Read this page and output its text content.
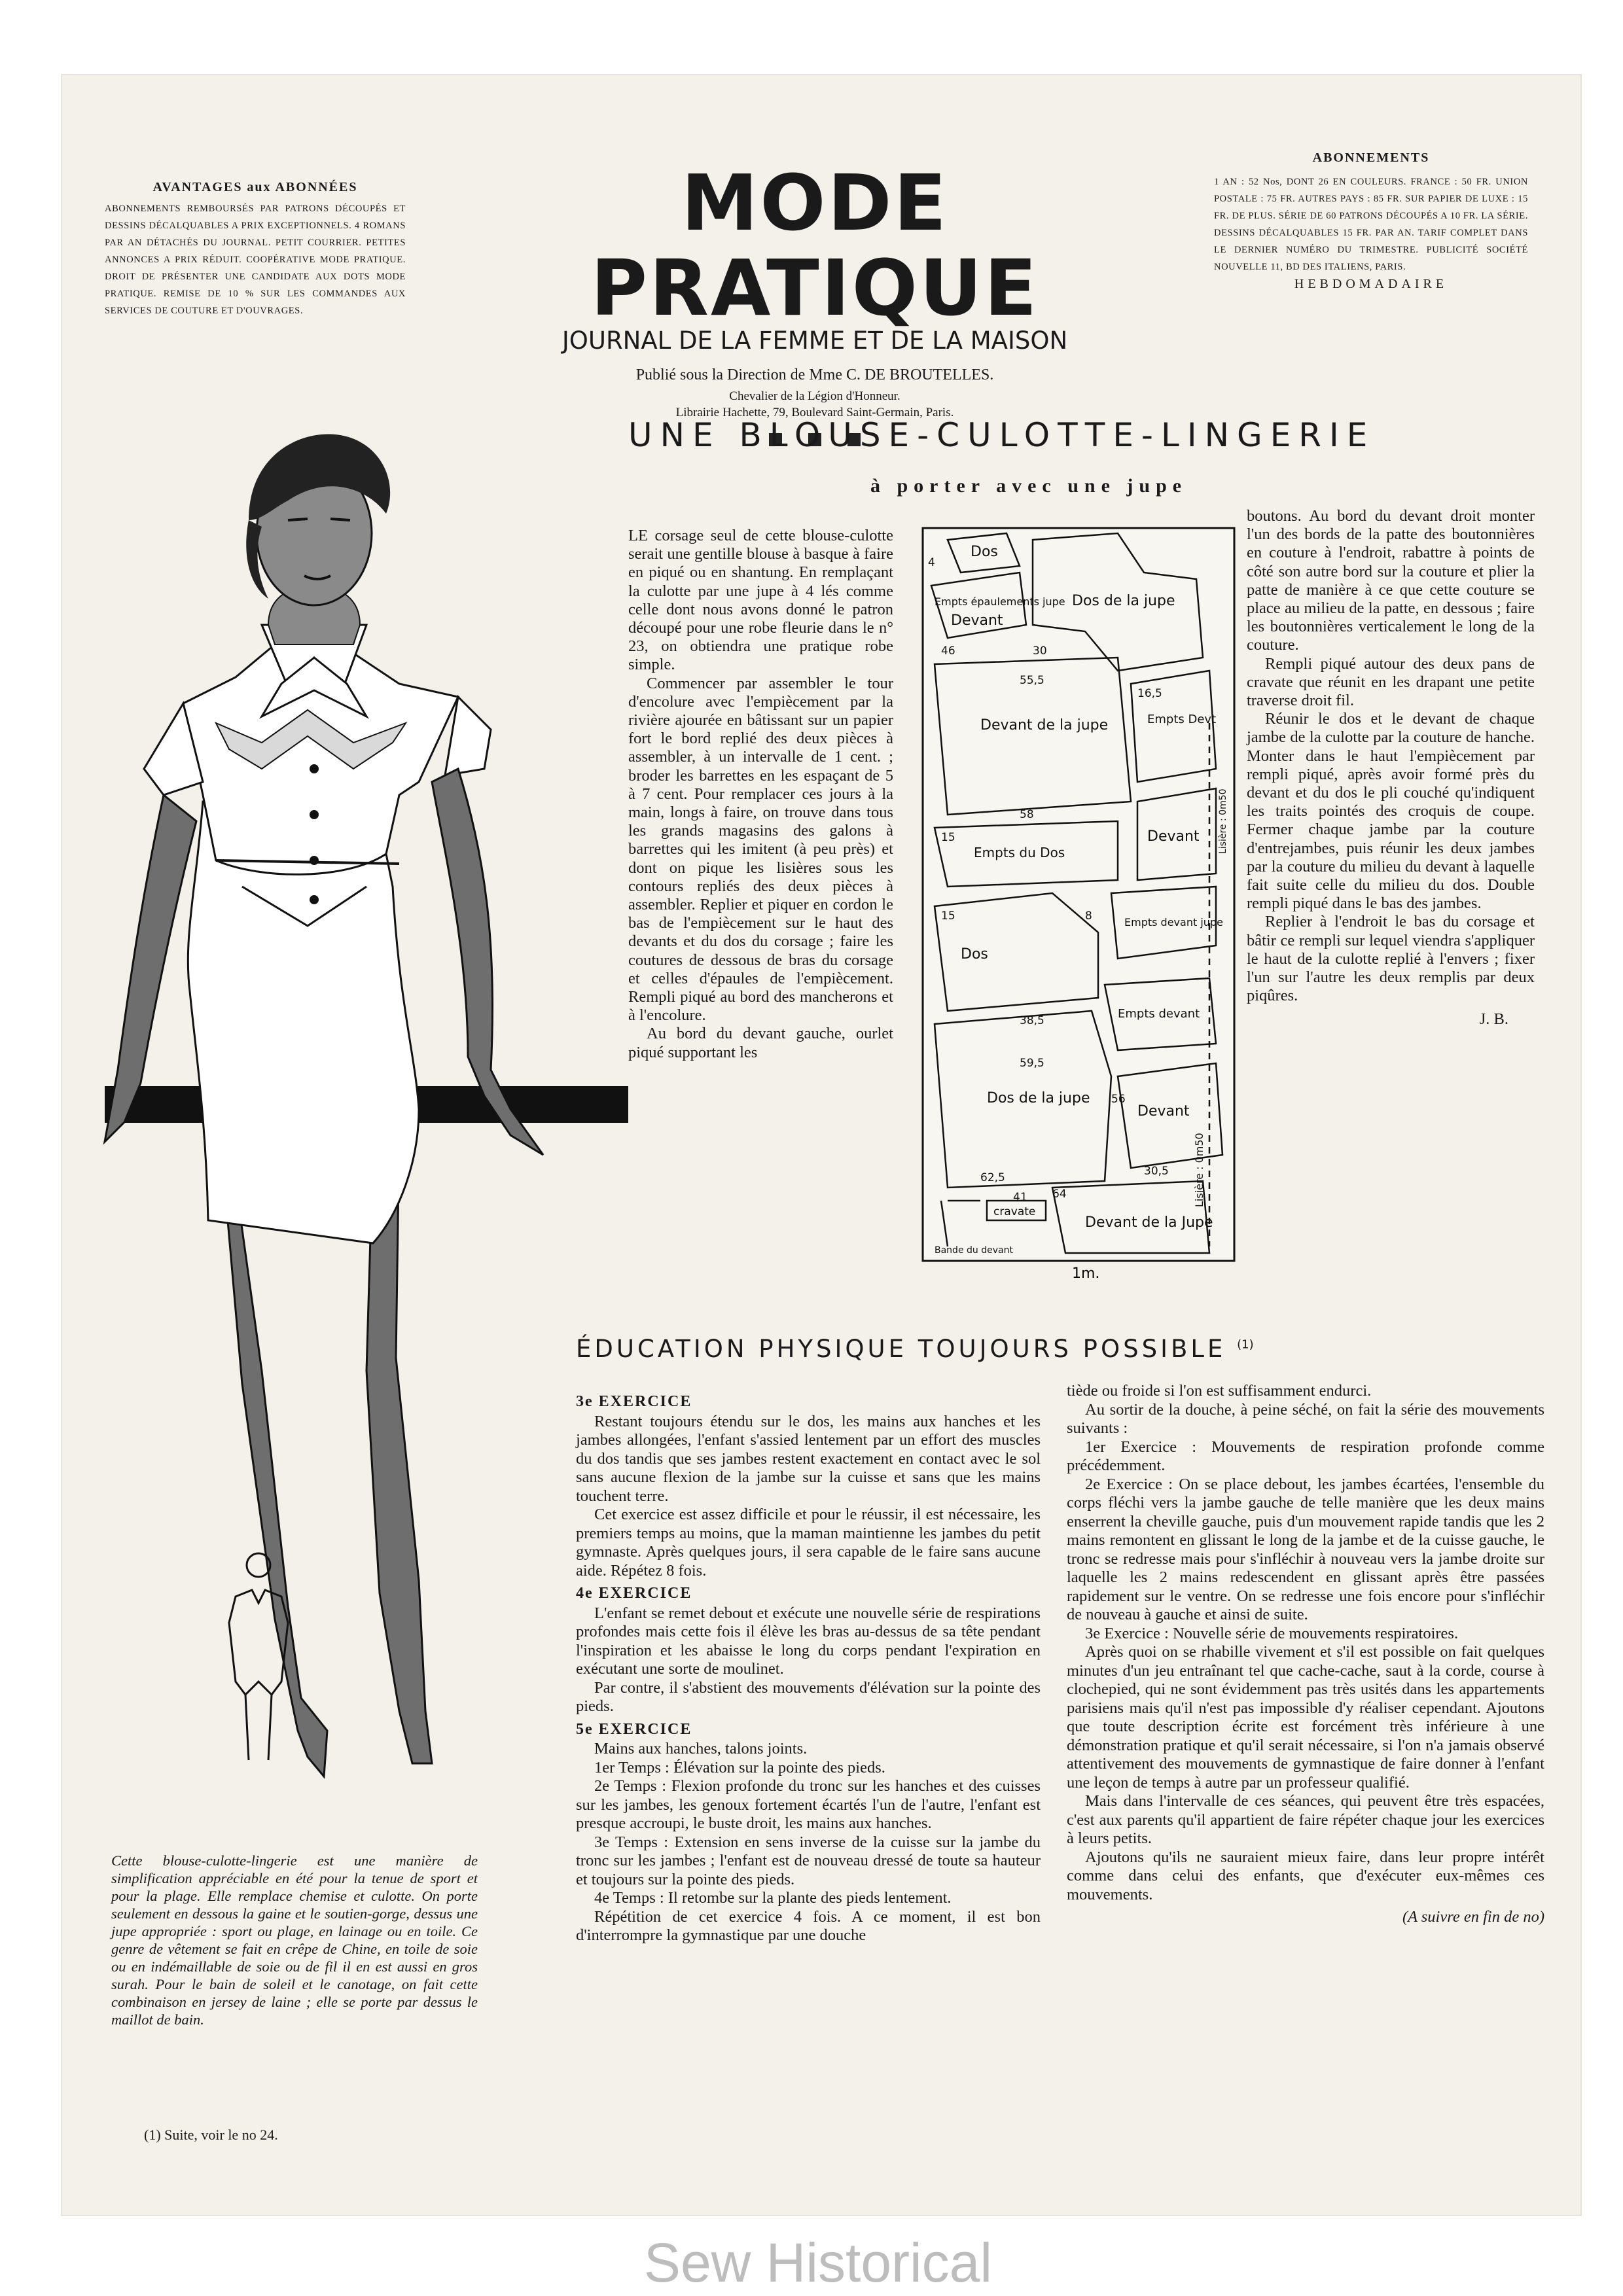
AVANTAGES aux ABONNÉES
ABONNEMENTS REMBOURSÉS PAR PATRONS DÉCOUPÉS ET DESSINS DÉCALQUABLES A PRIX EXCEPTIONNELS. 4 ROMANS PAR AN DÉTACHÉS DU JOURNAL. PETIT COURRIER. PETITES ANNONCES A PRIX RÉDUIT. COOPÉRATIVE MODE PRATIQUE. DROIT DE PRÉSENTER UNE CANDIDATE AUX DOTS MODE PRATIQUE. REMISE DE 10 % SUR LES COMMANDES AUX SERVICES DE COUTURE ET D'OUVRAGES.
MODE PRATIQUE
JOURNAL DE LA FEMME ET DE LA MAISON
Publié sous la Direction de Mme C. DE BROUTELLES.
Chevalier de la Légion d'Honneur.
Librairie Hachette, 79, Boulevard Saint-Germain, Paris.
ABONNEMENTS
1 AN : 52 Nos, DONT 26 EN COULEURS. FRANCE : 50 FR. UNION POSTALE : 75 FR. AUTRES PAYS : 85 FR. SUR PAPIER DE LUXE : 15 FR. DE PLUS. SÉRIE DE 60 PATRONS DÉCOUPÉS A 10 FR. LA SÉRIE. DESSINS DÉCALQUABLES 15 FR. PAR AN. TARIF COMPLET DANS LE DERNIER NUMÉRO DU TRIMESTRE. PUBLICITÉ SOCIÉTÉ NOUVELLE 11, BD DES ITALIENS, PARIS.
HEBDOMADAIRE
UNE BLOUSE-CULOTTE-LINGERIE
à porter avec une jupe

LE corsage seul de cette blouse-culotte serait une gentille blouse à basque à faire en piqué ou en shantung. En remplaçant la culotte par une jupe à 4 lés comme celle dont nous avons donné le patron découpé pour une robe fleurie dans le n° 23, on obtiendra une pratique robe simple.

Commencer par assembler le tour d'encolure avec l'empiècement par la rivière ajourée en bâtissant sur un papier fort le bord replié des deux pièces à assembler, à un intervalle de 1 cent. ; broder les barrettes en les espaçant de 5 à 7 cent. Pour remplacer ces jours à la main, longs à faire, on trouve dans tous les grands magasins des galons à barrettes qui les imitent (à peu près) et dont on pique les lisières sous les contours repliés des deux pièces à assembler. Replier et piquer en cordon le bas de l'empiècement sur le haut des devants et du dos du corsage ; faire les coutures de dessous de bras du corsage et celles d'épaules de l'empiècement. Rempli piqué au bord des mancherons et à l'encolure.

Au bord du devant gauche, ourlet piqué supportant les

Dos
Empts épaulements jupe
Devant
Dos de la jupe
Devant de la jupe	Empts Devt
Empts du Dos
Devant
Dos
Empts devant jupe
Empts devant
Dos de la jupe
Devant
Devant de la Jupe
cravate
Bande du devant
Lisière : 0m50
Lisière : 0m50
30
46
4
55,5
58
15
16,5
15	8
38,5
59,5
62,5	30,5
64
56
41
1m.

boutons. Au bord du devant droit monter l'un des bords de la patte des boutonnières en couture à l'endroit, rabattre à points de côté son autre bord sur la couture et plier la patte de manière à ce que cette couture se place au milieu de la patte, en dessous ; faire les boutonnières verticalement le long de la couture.

Rempli piqué autour des deux pans de cravate que réunit en les drapant une petite traverse droit fil.

Réunir le dos et le devant de chaque jambe de la culotte par la couture de hanche. Monter dans le haut l'empiècement par rempli piqué, après avoir formé près du devant et du dos le pli couché qu'indiquent les traits pointés des croquis de coupe. Fermer chaque jambe par la couture d'entrejambes, puis réunir les deux jambes par la couture du milieu du devant à laquelle fait suite celle du milieu du dos. Double rempli piqué dans le bas des jambes.

Replier à l'endroit le bas du corsage et bâtir ce rempli sur lequel viendra s'appliquer le haut de la culotte replié à l'envers ; fixer l'un sur l'autre les deux remplis par deux piqûres.

J. B.
ÉDUCATION PHYSIQUE TOUJOURS POSSIBLE $^{(1)}$
3e EXERCICE

Restant toujours étendu sur le dos, les mains aux hanches et les jambes allongées, l'enfant s'assied lentement par un effort des muscles du dos tandis que ses jambes restent exactement en contact avec le sol sans aucune flexion de la jambe sur la cuisse et sans que les mains touchent terre.

Cet exercice est assez difficile et pour le réussir, il est nécessaire, les premiers temps au moins, que la maman maintienne les jambes du petit gymnaste. Après quelques jours, il sera capable de le faire sans aucune aide. Répétez 8 fois.

4e EXERCICE

L'enfant se remet debout et exécute une nouvelle série de respirations profondes mais cette fois il élève les bras au-dessus de sa tête pendant l'inspiration et les abaisse le long du corps pendant l'expiration en exécutant une sorte de moulinet.

Par contre, il s'abstient des mouvements d'élévation sur la pointe des pieds.

5e EXERCICE

Mains aux hanches, talons joints.

1er Temps : Élévation sur la pointe des pieds.

2e Temps : Flexion profonde du tronc sur les hanches et des cuisses sur les jambes, les genoux fortement écartés l'un de l'autre, l'enfant est presque accroupi, le buste droit, les mains aux hanches.

3e Temps : Extension en sens inverse de la cuisse sur la jambe du tronc sur les jambes ; l'enfant est de nouveau dressé de toute sa hauteur et toujours sur la pointe des pieds.

4e Temps : Il retombe sur la plante des pieds lentement.

Répétition de cet exercice 4 fois. A ce moment, il est bon d'interrompre la gymnastique par une douche

tiède ou froide si l'on est suffisamment endurci.

Au sortir de la douche, à peine séché, on fait la série des mouvements suivants :

1er Exercice : Mouvements de respiration profonde comme précédemment.

2e Exercice : On se place debout, les jambes écartées, l'ensemble du corps fléchi vers la jambe gauche de telle manière que les deux mains enserrent la cheville gauche, puis d'un mouvement rapide tandis que les 2 mains remontent en glissant le long de la jambe et de la cuisse gauche, le tronc se redresse mais pour s'infléchir à nouveau vers la jambe droite sur laquelle les 2 mains redescendent en glissant après être passées rapidement sur le ventre. On se redresse une fois encore pour s'infléchir de nouveau à gauche et ainsi de suite.

3e Exercice : Nouvelle série de mouvements respiratoires.

Après quoi on se rhabille vivement et s'il est possible on fait quelques minutes d'un jeu entraînant tel que cache-cache, saut à la corde, course à clochepied, qui ne sont évidemment pas très usités dans les appartements parisiens mais qu'il n'est pas impossible d'y réaliser cependant. Ajoutons que toute description écrite est forcément très inférieure à une démonstration pratique et qu'il serait nécessaire, si l'on n'a jamais observé attentivement des mouvements de gymnastique de faire donner à l'enfant une leçon de temps à autre par un professeur qualifié.

Mais dans l'intervalle de ces séances, qui peuvent être très espacées, c'est aux parents qu'il appartient de faire répéter chaque jour les exercices à leurs petits.

Ajoutons qu'ils ne sauraient mieux faire, dans leur propre intérêt comme dans celui des enfants, que d'exécuter eux-mêmes ces mouvements.

(A suivre en fin de no)
Cette blouse-culotte-lingerie est une manière de simplification appréciable en été pour la tenue de sport et pour la plage. Elle remplace chemise et culotte. On porte seulement en dessous la gaine et le soutien-gorge, dessus une jupe appropriée : sport ou plage, en lainage ou en toile. Ce genre de vêtement se fait en crêpe de Chine, en toile de soie ou en indémaillable de soie ou de fil il en est aussi en gros surah. Pour le bain de soleil et le canotage, on fait cette combinaison en jersey de laine ; elle se porte par dessus le maillot de bain.
(1) Suite, voir le no 24.
Sew Historical
